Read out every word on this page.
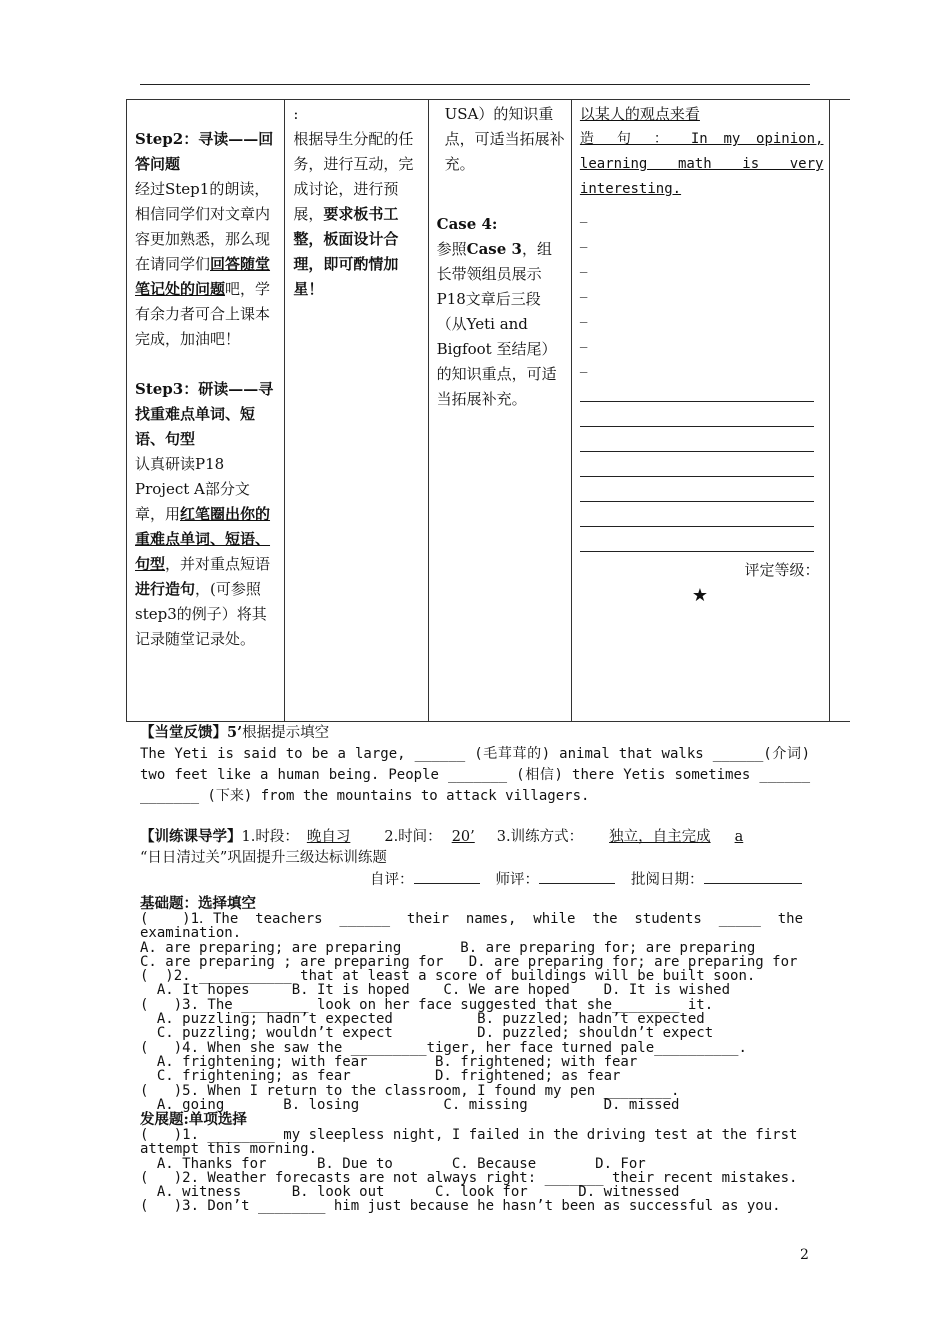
Step2：寻读——回答问题
经过Step1的朗读，相信同学们对文章内容更加熟悉，那么现在请同学们回答随堂笔记处的问题吧，学有余力者可合上课本完成，加油吧！
Step3：研读——寻找重难点单词、短语、句型
认真研读P18 Project A部分文章，用红笔圈出你的重难点单词、短语、句型，并对重点短语进行造句，(可参照step3的例子）将其记录随堂记录处。

:
根据导生分配的任务，进行互动，完成讨论，进行预展，要求板书工整，板面设计合理，即可酌情加星！

USA）的知识重点，可适当拓展补充。
Case 4:
参照Case 3，组长带领组员展示P18文章后三段（从Yeti and Bigfoot 至结尾）的知识重点，可适当拓展补充。

以某人的观点来看
造 句 ： In my opinion, learning math is very interesting.
_
_
_
_
_
_
_
评定等级：
★

【当堂反馈】5’根据提示填空
The Yeti is said to be a large, ______ (毛茸茸的) animal that walks ______(介词) two feet like a human being. People _______ (相信) there Yetis sometimes ______ _______ (下来) from the mountains to attack villagers.
【训练课导学】1.时段： 晚自习 2.时间： 20’ 3.训练方式： 独立，自主完成 a
“日日清过关”巩固提升三级达标训练题
自评：	师评：	批阅日期：
基础题：选择填空
(    )1．The  teachers  ______  their  names,  while  the  students  _____  the
examination.
A. are preparing; are preparing       B. are preparing for; are preparing
C. are preparing ; are preparing for   D. are preparing for; are preparing for
(  )2. ___________ that at least a score of buildings will be built soon.
A. It hopes     B. It is hoped    C. We are hoped    D. It is wished
(   )3. The ________ look on her face suggested that she________ it.
A. puzzling; hadn’t expected          B. puzzled; hadn’t expected
C. puzzling; wouldn’t expect          D. puzzled; shouldn’t expect
(   )4. When she saw the _________tiger, her face turned pale__________.
A. frightening; with fear        B. frightened; with fear
C. frightening; as fear          D. frightened; as fear
(   )5. When I return to the classroom, I found my pen ________.
A. going       B. losing          C. missing         D. missed
发展题:单项选择
(   )1. ________ my sleepless night, I failed in the driving test at the first
attempt this morning.
A. Thanks for      B. Due to       C. Because       D. For
(   )2. Weather forecasts are not always right: _______ their recent mistakes.
A. witness      B. look out      C. look for      D. witnessed
(   )3. Don’t ________ him just because he hasn’t been as successful as you.
2
